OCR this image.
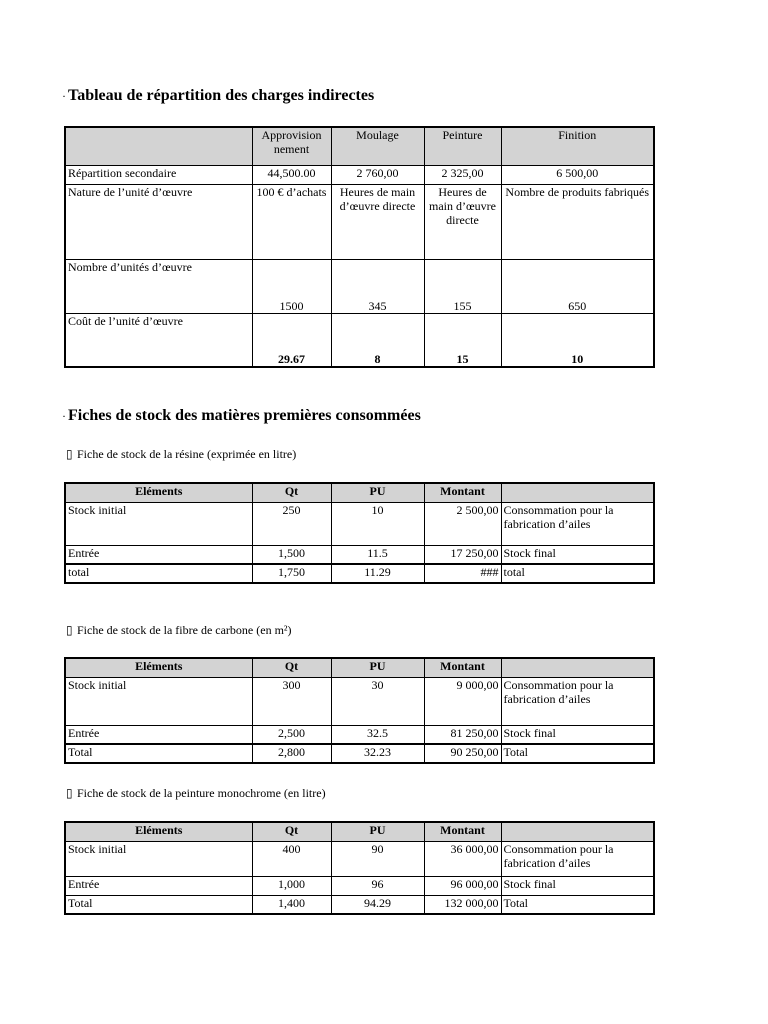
· Tableau de répartition des charges indirectes
	Approvision nement	Moulage	Peinture	Finition
Répartition secondaire	44,500.00	2 760,00	2 325,00	6 500,00
Nature de l’unité d’œuvre	100 € d’achats	Heures de main d’œuvre directe	Heures de main d’œuvre directe	Nombre de produits fabriqués
Nombre d’unités d’œuvre	1500	345	155	650
Coût de l’unité d’œuvre	29.67	8	15	10
· Fiches de stock des matières premières consommées

▯ Fiche de stock de la résine (exprimée en litre)

Eléments	Qt	PU	Montant	
Stock initial	250	10	2 500,00	Consommation pour la fabrication d’ailes
Entrée	1,500	11.5	17 250,00	Stock final
total	1,750	11.29	###	total

▯ Fiche de stock de la fibre de carbone (en m²)

Eléments	Qt	PU	Montant	
Stock initial	300	30	9 000,00	Consommation pour la fabrication d’ailes
Entrée	2,500	32.5	81 250,00	Stock final
Total	2,800	32.23	90 250,00	Total

▯ Fiche de stock de la peinture monochrome (en litre)

Eléments	Qt	PU	Montant	
Stock initial	400	90	36 000,00	Consommation pour la fabrication d’ailes
Entrée	1,000	96	96 000,00	Stock final
Total	1,400	94.29	132 000,00	Total
